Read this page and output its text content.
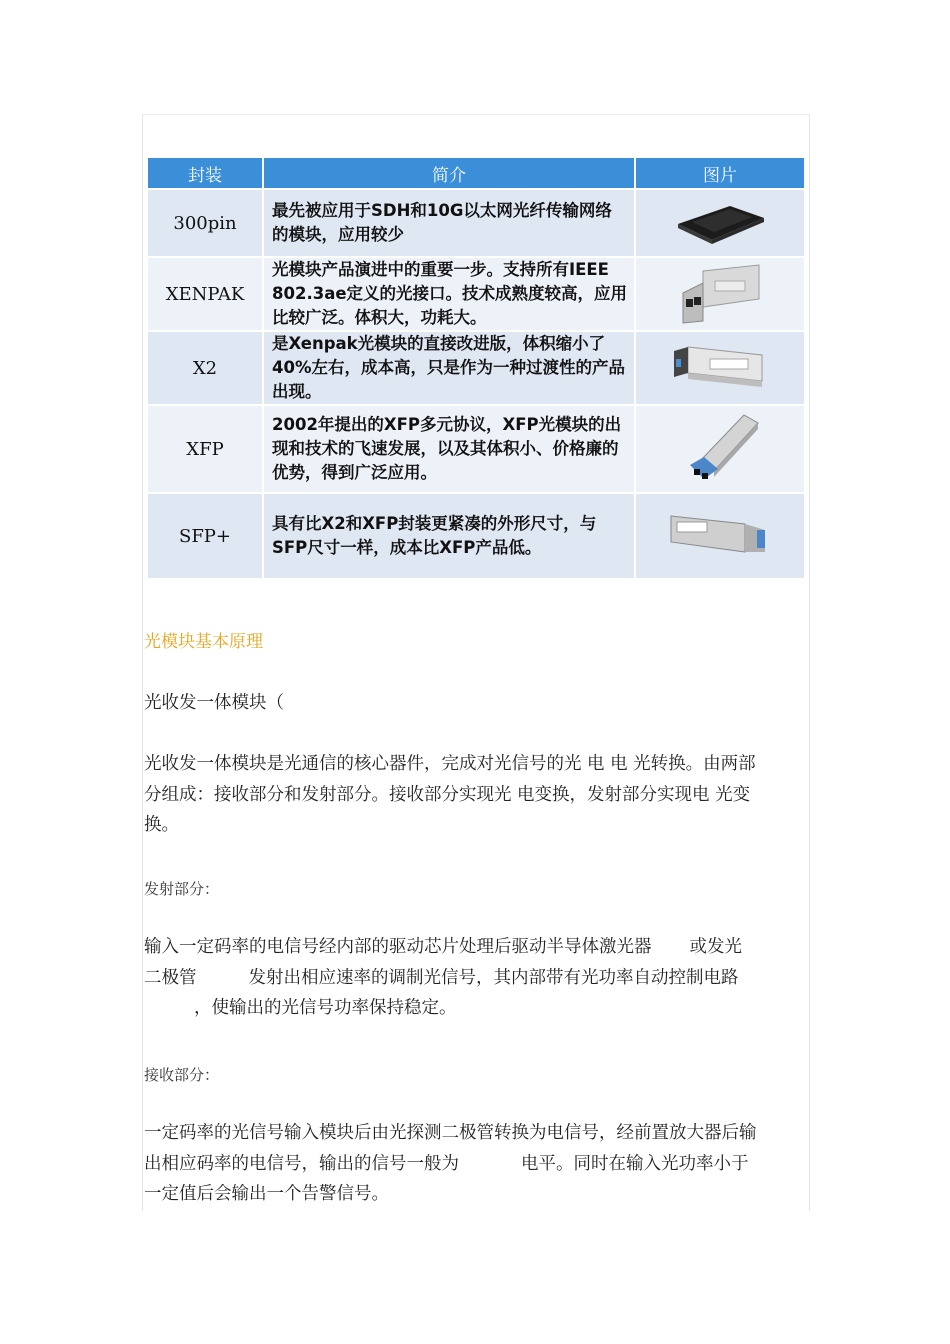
封装	简介	图片
300pin	最先被应用于SDH和10G以太网光纤传输网络的模块，应用较少	

XENPAK	光模块产品演进中的重要一步。支持所有IEEE 802.3ae定义的光接口。技术成熟度较高，应用比较广泛。体积大，功耗大。	

X2	是Xenpak光模块的直接改进版，体积缩小了40%左右，成本高，只是作为一种过渡性的产品出现。	

XFP	2002年提出的XFP多元协议，XFP光模块的出现和技术的飞速发展，以及其体积小、价格廉的优势，得到广泛应用。	

SFP+	具有比X2和XFP封装更紧凑的外形尺寸，与SFP尺寸一样，成本比XFP产品低。	
光模块基本原理
光收发一体模块（
光收发一体模块是光通信的核心器件，完成对光信号的光 电 电 光转换。由两部
分组成：接收部分和发射部分。接收部分实现光 电变换，发射部分实现电 光变
换。
发射部分：
输入一定码率的电信号经内部的驱动芯片处理后驱动半导体激光器 或发光
二极管	发射出相应速率的调制光信号，其内部带有光功率自动控制电路
，使输出的光信号功率保持稳定。
接收部分：
一定码率的光信号输入模块后由光探测二极管转换为电信号，经前置放大器后输
出相应码率的电信号，输出的信号一般为	电平。同时在输入光功率小于
一定值后会输出一个告警信号。
